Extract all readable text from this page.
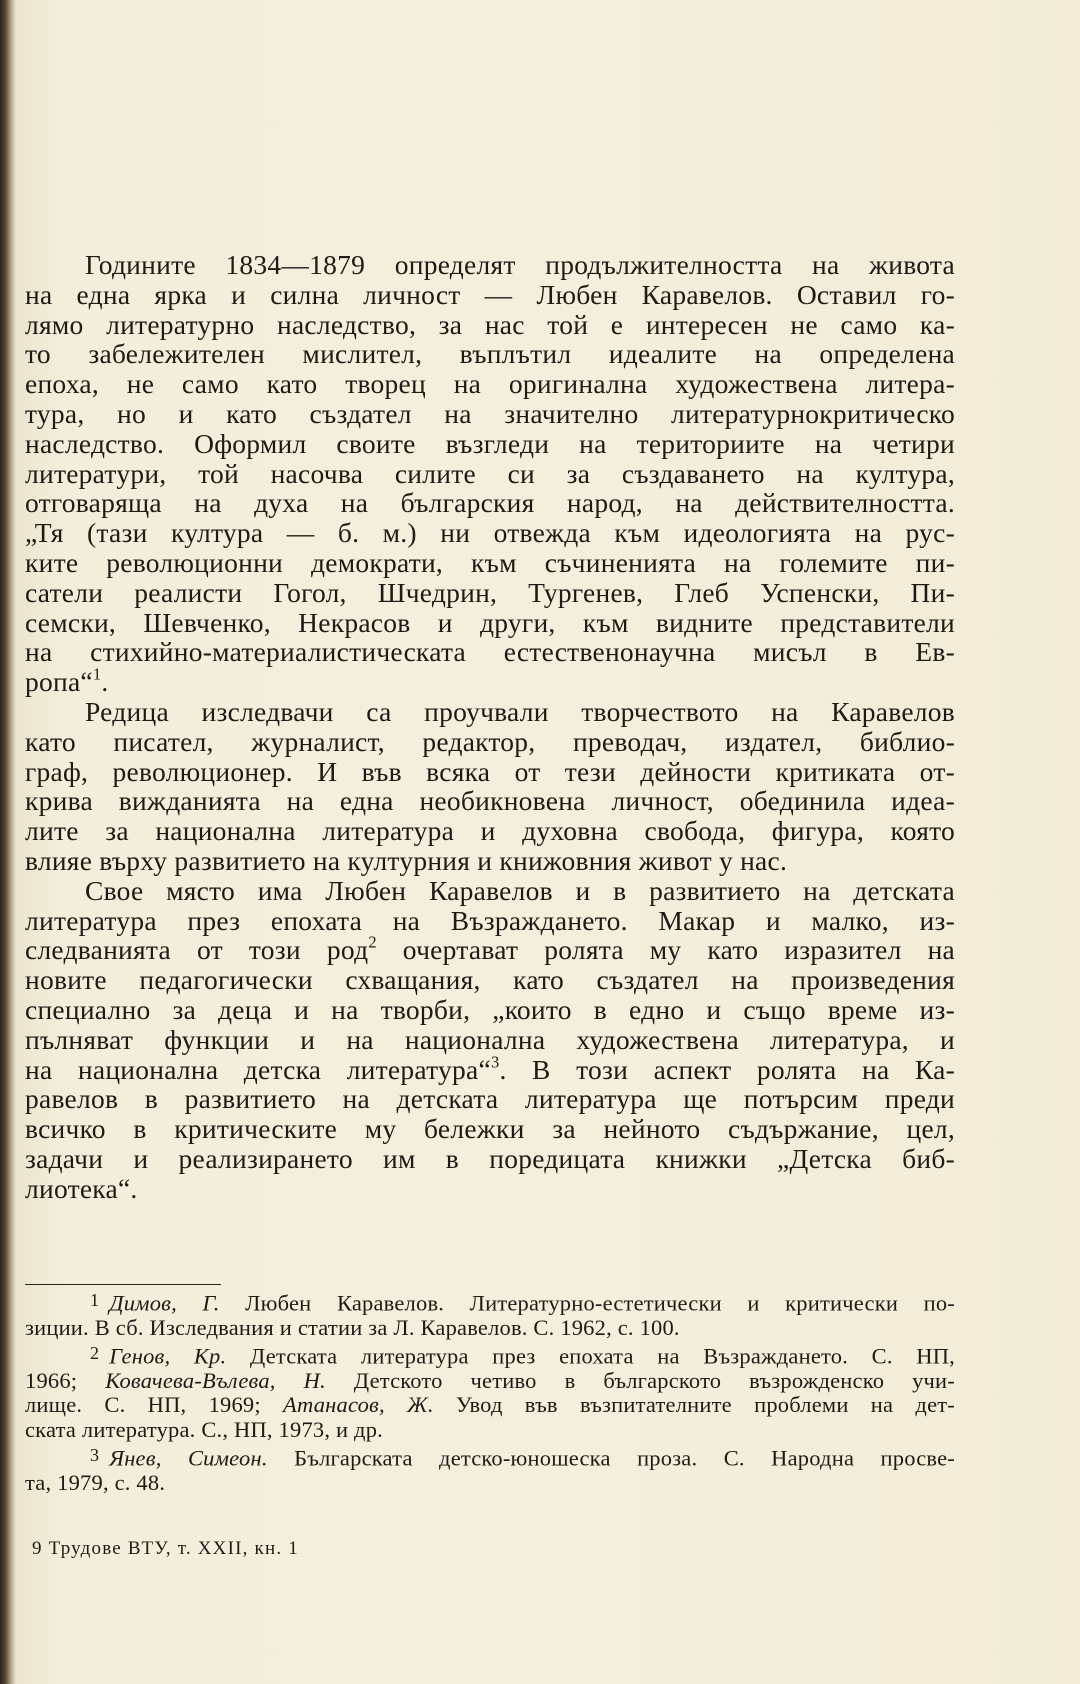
Годините 1834—1879 определят продължителността на живота
на една ярка и силна личност — Любен Каравелов. Оставил го-
лямо литературно наследство, за нас той е интересен не само ка-
то забележителен мислител, въплътил идеалите на определена
епоха, не само като творец на оригинална художествена литера-
тура, но и като създател на значително литературнокритическо
наследство. Оформил своите възгледи на териториите на четири
литератури, той насочва силите си за създаването на култура,
отговаряща на духа на българския народ, на действителността.
„Тя (тази култура — б. м.) ни отвежда към идеологията на рус-
ките революционни демократи, към съчиненията на големите пи-
сатели реалисти Гогол, Шчедрин, Тургенев, Глеб Успенски, Пи-
семски, Шевченко, Некрасов и други, към видните представители
на стихийно-материалистическата естественонаучна мисъл в Ев-
ропа“$^1$.

Редица изследвачи са проучвали творчеството на Каравелов
като писател, журналист, редактор, преводач, издател, библио-
граф, революционер. И във всяка от тези дейности критиката от-
крива вижданията на една необикновена личност, обединила идеа-
лите за национална литература и духовна свобода, фигура, която
влияе върху развитието на културния и книжовния живот у нас.

Свое място има Любен Каравелов и в развитието на детската
литература през епохата на Възраждането. Макар и малко, из-
следванията от този род$^2$ очертават ролята му като изразител на
новите педагогически схващания, като създател на произведения
специално за деца и на творби, „които в едно и също време из-
пълняват функции и на национална художествена литература, и
на национална детска литература“$^3$. В този аспект ролята на Ка-
равелов в развитието на детската литература ще потърсим преди
всичко в критическите му бележки за нейното съдържание, цел,
задачи и реализирането им в поредицата книжки „Детска биб-
лиотека“.

$^1$ Димов, Г. Любен Каравелов. Литературно-естетически и критически по-
зиции. В сб. Изследвания и статии за Л. Каравелов. С. 1962, с. 100.

$^2$ Генов, Кр. Детската литература през епохата на Възраждането. С. НП,
1966; Ковачева-Вълева, Н. Детското четиво в българското възрожденско учи-
лище. С. НП, 1969; Атанасов, Ж. Увод във възпитателните проблеми на дет-
ската литература. С., НП, 1973, и др.

$^3$ Янев, Симеон. Българската детско-юношеска проза. С. Народна просве-
та, 1979, с. 48.

9 Трудове ВТУ, т. XXII, кн. 1
